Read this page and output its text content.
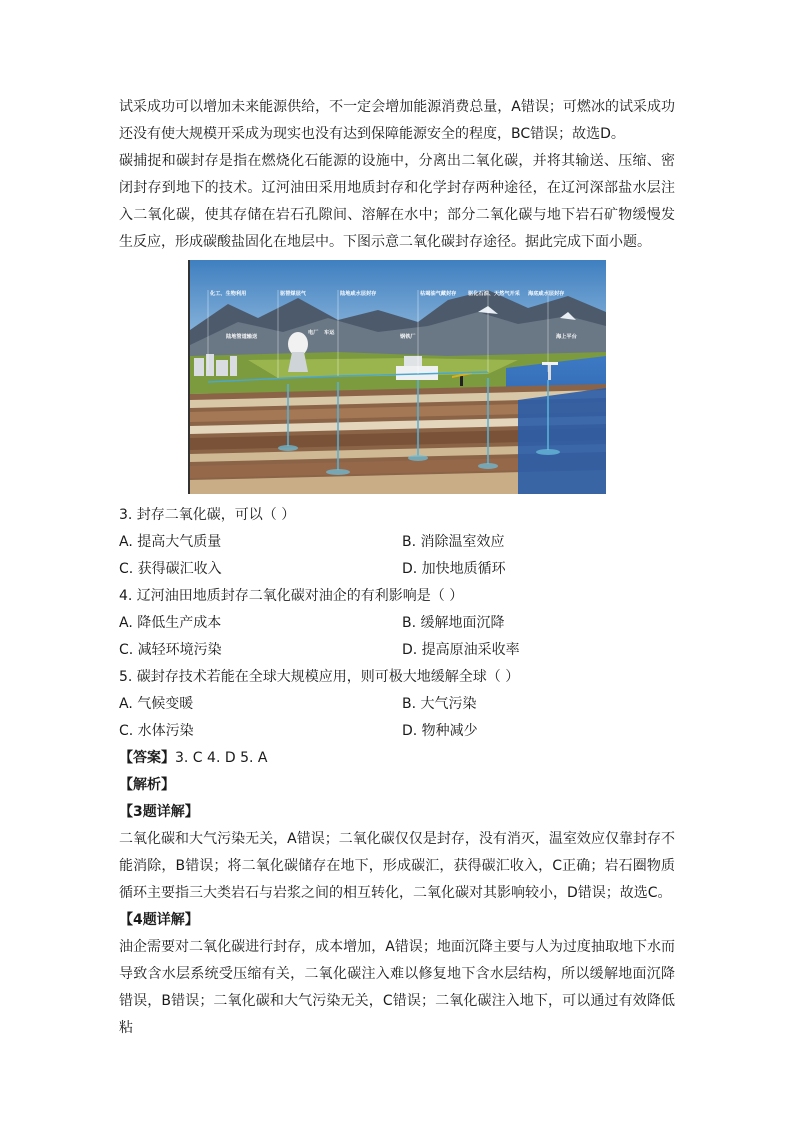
试采成功可以增加未来能源供给，不一定会增加能源消费总量，A错误；可燃冰的试采成功还没有使大规模开采成为现实也没有达到保障能源安全的程度，BC错误；故选D。

碳捕捉和碳封存是指在燃烧化石能源的设施中，分离出二氧化碳，并将其输送、压缩、密闭封存到地下的技术。辽河油田采用地质封存和化学封存两种途径，在辽河深部盐水层注入二氧化碳，使其存储在岩石孔隙间、溶解在水中；部分二氧化碳与地下岩石矿物缓慢发生反应，形成碳酸盐固化在地层中。下图示意二氧化碳封存途径。据此完成下面小题。

化工、生物利用	驱替煤层气	陆地咸水层封存	枯竭油气藏封存 驱化石油、天然气开采 海底咸水层封存
陆地管道输送
电厂 车运
钢铁厂	海上平台
3. 封存二氧化碳，可以（ ）
A. 提高大气质量	B. 消除温室效应
C. 获得碳汇收入	D. 加快地质循环
4. 辽河油田地质封存二氧化碳对油企的有利影响是（ ）
A. 降低生产成本	B. 缓解地面沉降
C. 减轻环境污染	D. 提高原油采收率
5. 碳封存技术若能在全球大规模应用，则可极大地缓解全球（ ）
A. 气候变暖	B. 大气污染
C. 水体污染	D. 物种减少
【答案】3. C 4. D 5. A
【解析】
【3题详解】

二氧化碳和大气污染无关，A错误；二氧化碳仅仅是封存，没有消灭，温室效应仅靠封存不能消除，B错误；将二氧化碳储存在地下，形成碳汇，获得碳汇收入，C正确；岩石圈物质循环主要指三大类岩石与岩浆之间的相互转化，二氧化碳对其影响较小，D错误；故选C。

【4题详解】

油企需要对二氧化碳进行封存，成本增加，A错误；地面沉降主要与人为过度抽取地下水而导致含水层系统受压缩有关，二氧化碳注入难以修复地下含水层结构，所以缓解地面沉降错误，B错误；二氧化碳和大气污染无关，C错误；二氧化碳注入地下，可以通过有效降低粘
